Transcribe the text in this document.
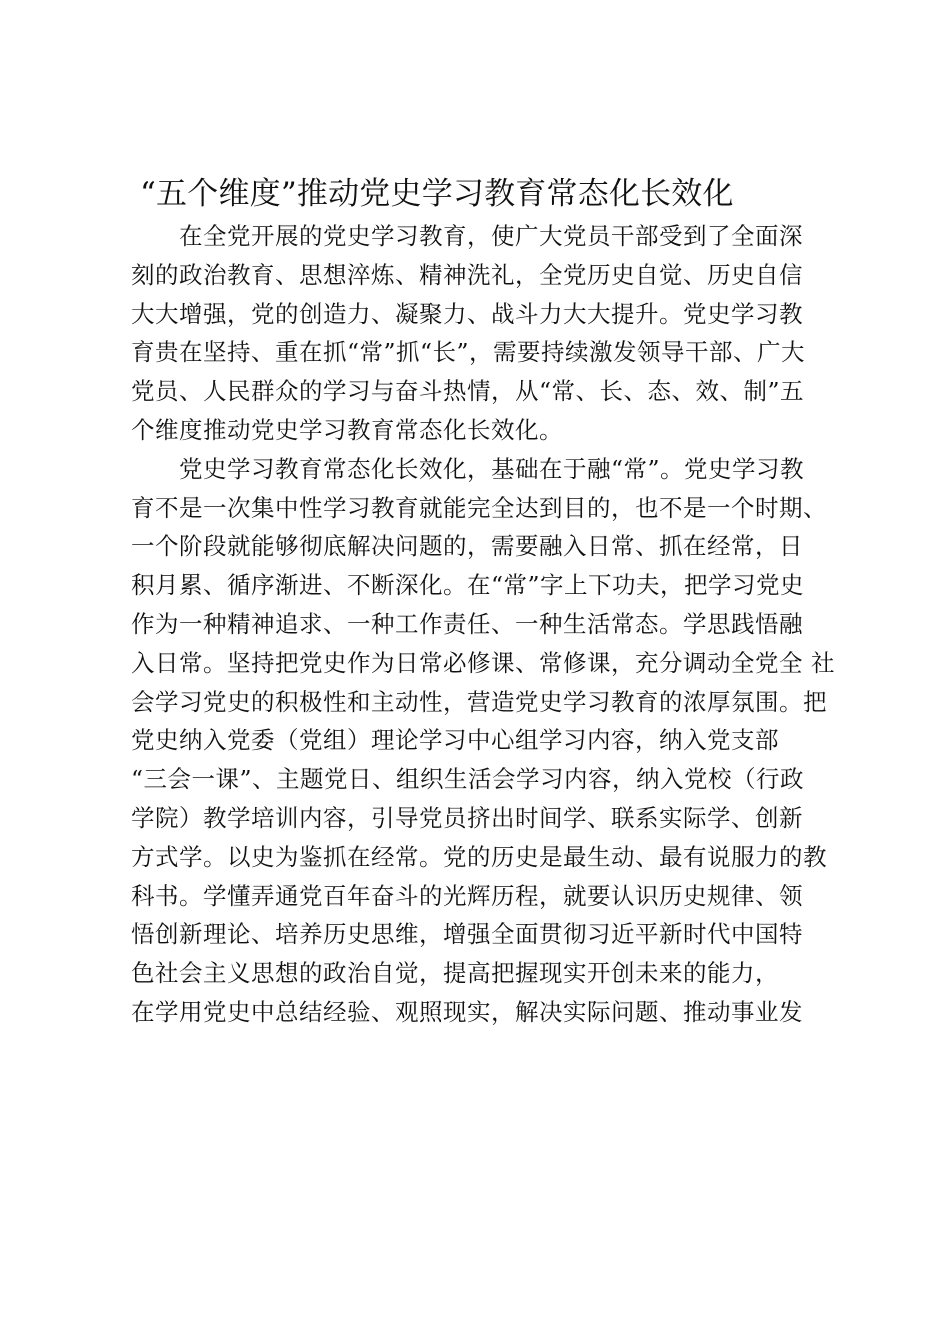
“五个维度”推动党史学习教育常态化长效化
　　在全党开展的党史学习教育，使广大党员干部受到了全面深
刻的政治教育、思想淬炼、精神洗礼，全党历史自觉、历史自信
大大增强，党的创造力、凝聚力、战斗力大大提升。党史学习教
育贵在坚持、重在抓“常”抓“长”，需要持续激发领导干部、广大
党员、人民群众的学习与奋斗热情，从“常、长、态、效、制”五
个维度推动党史学习教育常态化长效化。
　　党史学习教育常态化长效化，基础在于融“常”。党史学习教
育不是一次集中性学习教育就能完全达到目的，也不是一个时期、
一个阶段就能够彻底解决问题的，需要融入日常、抓在经常，日
积月累、循序渐进、不断深化。在“常”字上下功夫，把学习党史
作为一种精神追求、一种工作责任、一种生活常态。学思践悟融
入日常。坚持把党史作为日常必修课、常修课，充分调动全党全 社
会学习党史的积极性和主动性，营造党史学习教育的浓厚氛围。把
党史纳入党委（党组）理论学习中心组学习内容，纳入党支部
“三会一课”、主题党日、组织生活会学习内容，纳入党校（行政
学院）教学培训内容，引导党员挤出时间学、联系实际学、创新
方式学。以史为鉴抓在经常。党的历史是最生动、最有说服力的教
科书。学懂弄通党百年奋斗的光辉历程，就要认识历史规律、领
悟创新理论、培养历史思维，增强全面贯彻习近平新时代中国特
色社会主义思想的政治自觉，提高把握现实开创未来的能力，
在学用党史中总结经验、观照现实，解决实际问题、推动事业发
